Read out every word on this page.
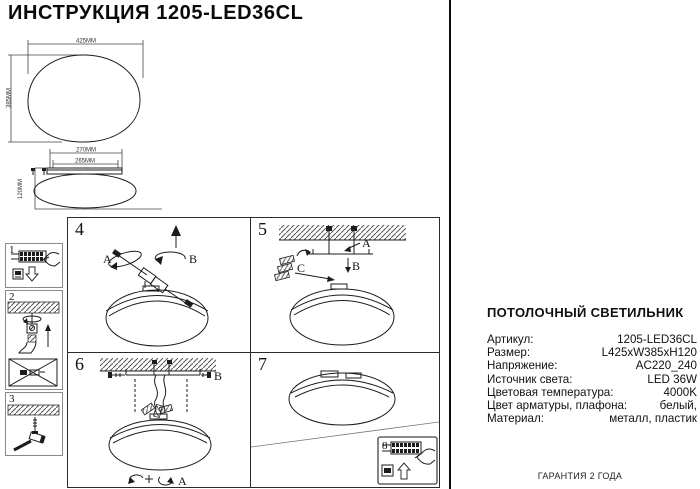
ИНСТРУКЦИЯ 1205-LED36CL
425MM
385MM
270MM
265MM
120MM
1
2
3
4
A	B
5
A
B
C
6
B
A
7
8

ПОТОЛОЧНЫЙ СВЕТИЛЬНИК

Артикул:	1205-LED36CL
Размер:	L425xW385xH120
Напряжение:	AC220_240
Источник света:	LED 36W
Цветовая температура:	4000K
Цвет арматуры, плафона:	белый,
Материал:	металл, пластик
ГАРАНТИЯ 2 ГОДА
